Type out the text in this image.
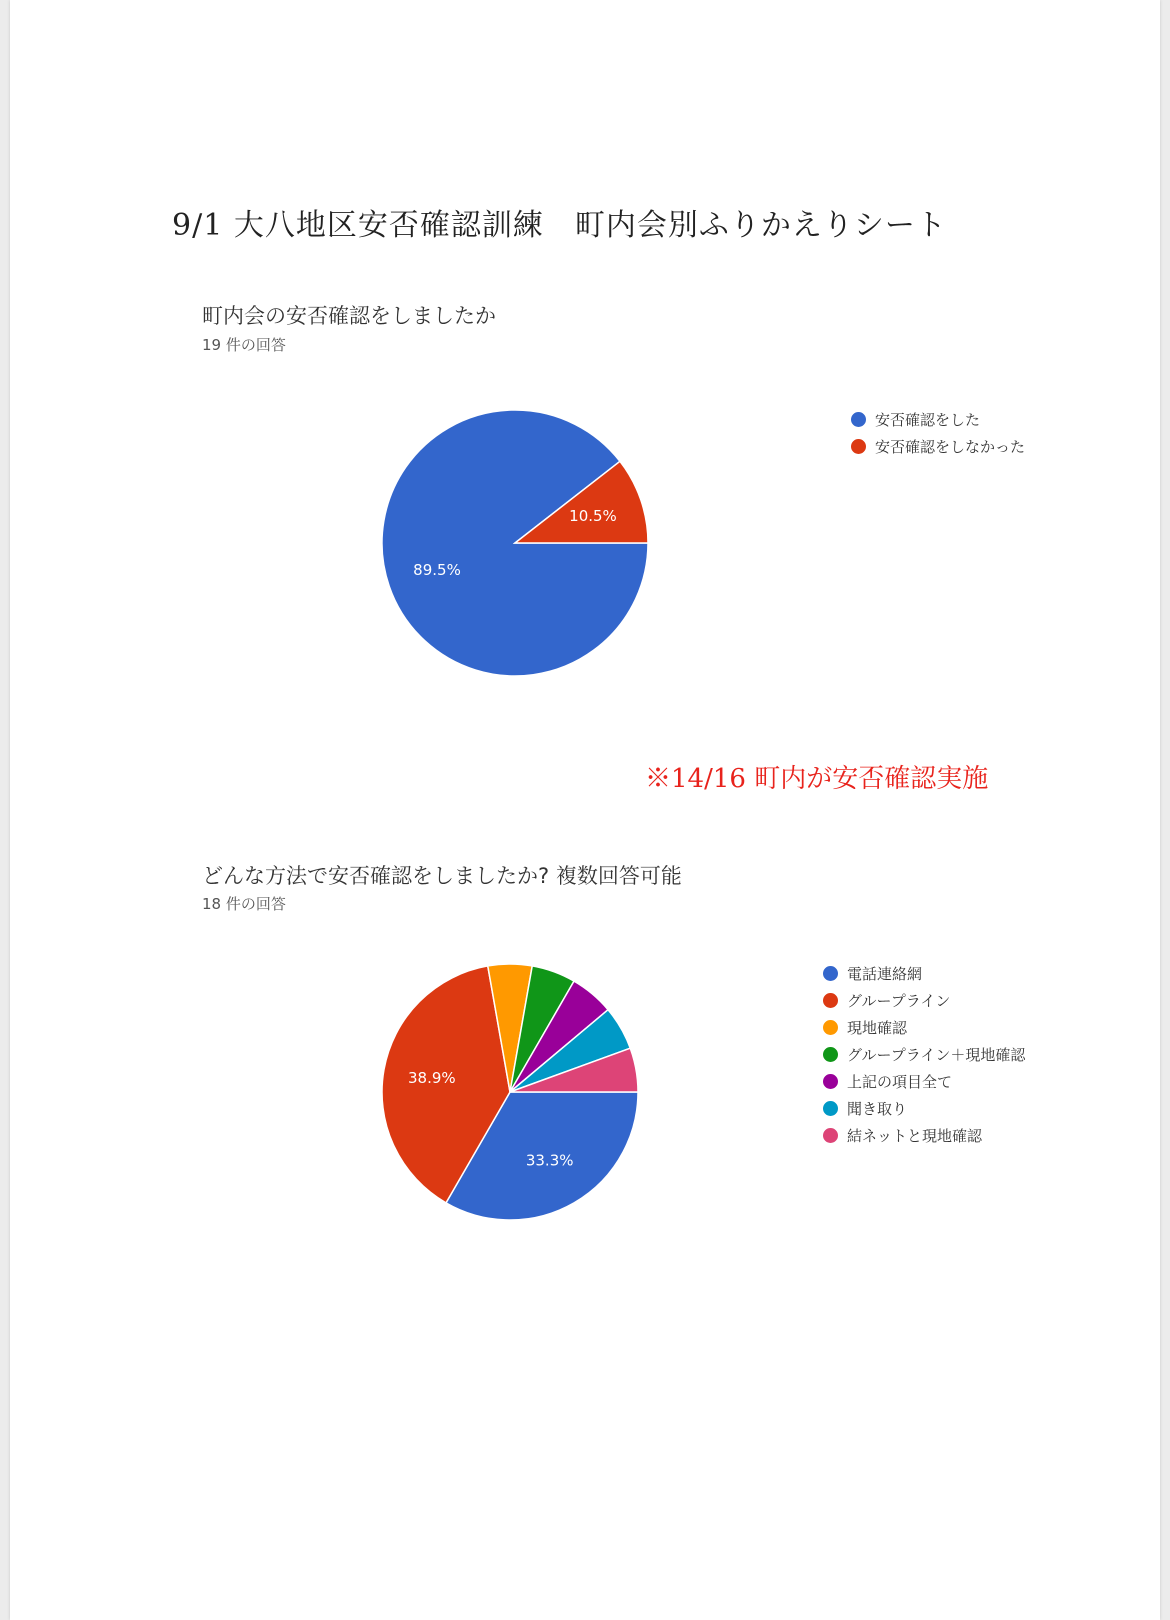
9/1 大八地区安否確認訓練　町内会別ふりかえりシート
町内会の安否確認をしましたか
19 件の回答
89.5%
10.5%
安否確認をした
安否確認をしなかった
※14/16 町内が安否確認実施
どんな方法で安否確認をしましたか? 複数回答可能
18 件の回答
33.3%
38.9%
電話連絡網
グループライン
現地確認
グループライン＋現地確認
上記の項目全て
聞き取り
結ネットと現地確認
